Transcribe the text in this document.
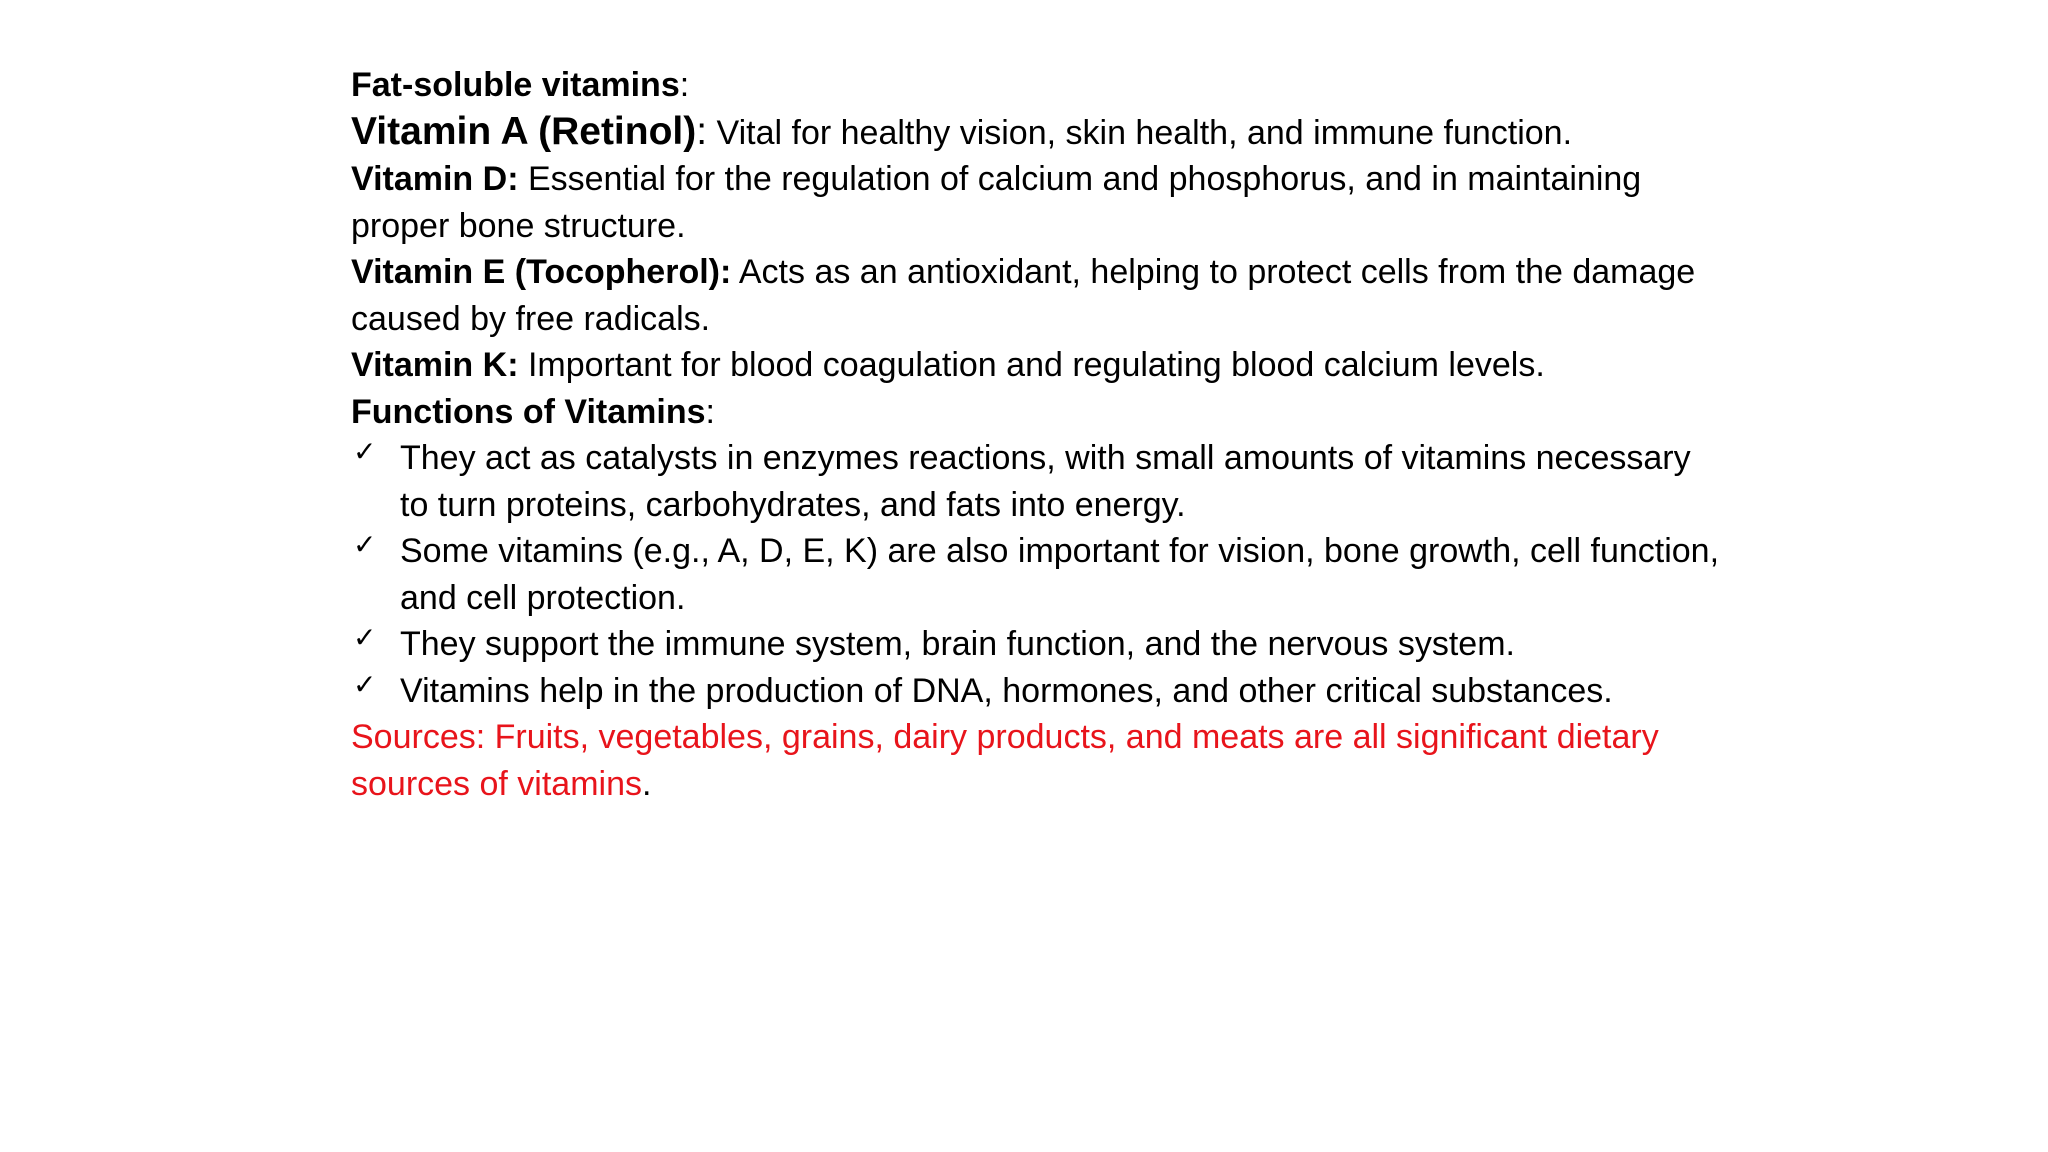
Fat-soluble vitamins:

Vitamin A (Retinol): Vital for healthy vision, skin health, and immune function.

Vitamin D: Essential for the regulation of calcium and phosphorus, and in maintaining proper bone structure.

Vitamin E (Tocopherol): Acts as an antioxidant, helping to protect cells from the damage caused by free radicals.

Vitamin K: Important for blood coagulation and regulating blood calcium levels.

Functions of Vitamins:

✓ They act as catalysts in enzymes reactions, with small amounts of vitamins necessary to turn proteins, carbohydrates, and fats into energy.
✓ Some vitamins (e.g., A, D, E, K) are also important for vision, bone growth, cell function, and cell protection.
✓ They support the immune system, brain function, and the nervous system.
✓ Vitamins help in the production of DNA, hormones, and other critical substances.

Sources: Fruits, vegetables, grains, dairy products, and meats are all significant dietary sources of vitamins.
